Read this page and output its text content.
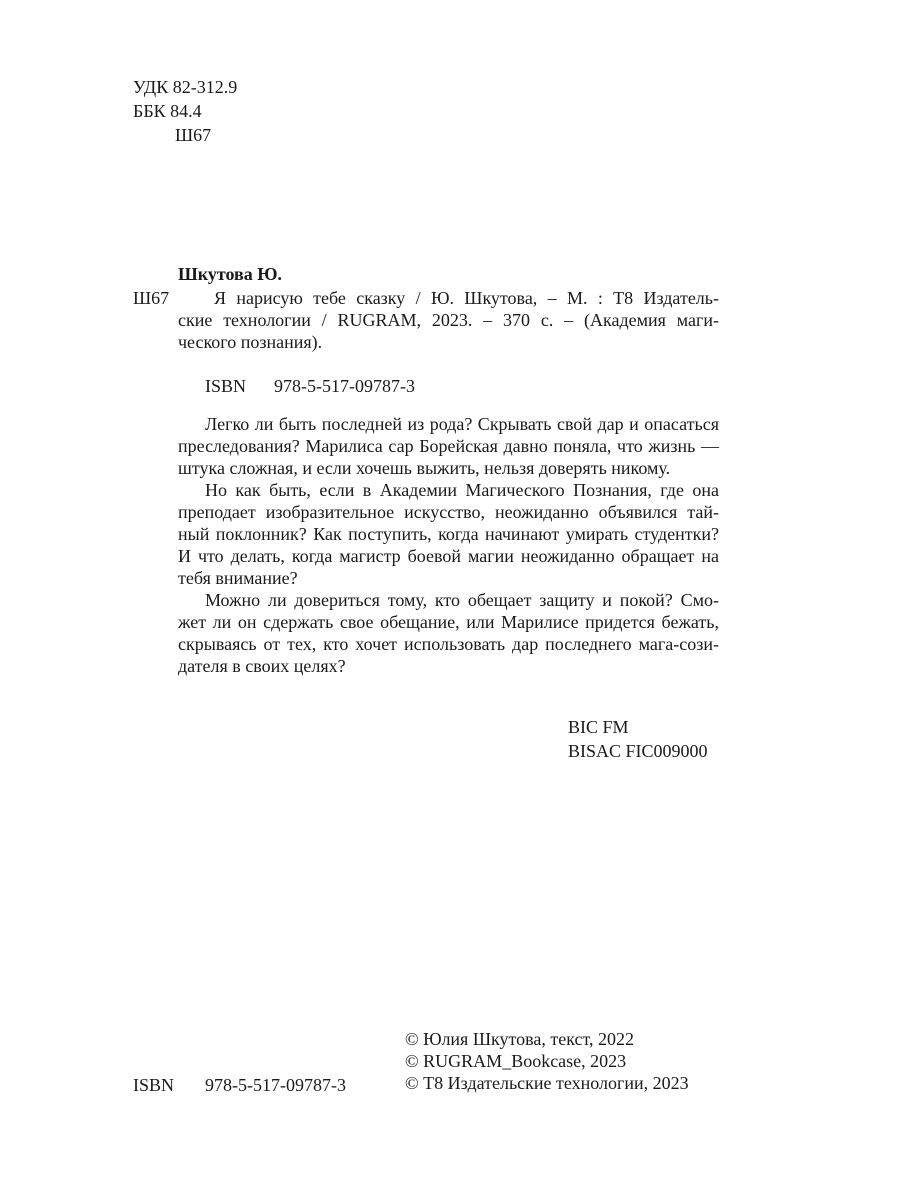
УДК 82-312.9
ББК 84.4
Ш67
Шкутова Ю.
Ш67	Я нарисую тебе сказку / Ю. Шкутова, – М. : Т8 Издатель-
ские технологии / RUGRAM, 2023. – 370 с. – (Академия маги-
ческого познания).
ISBN 978-5-517-09787-3
Легко ли быть последней из рода? Скрывать свой дар и опасаться
преследования? Марилиса сар Борейская давно поняла, что жизнь —
штука сложная, и если хочешь выжить, нельзя доверять никому.
Но как быть, если в Академии Магического Познания, где она
преподает изобразительное искусство, неожиданно объявился тай-
ный поклонник? Как поступить, когда начинают умирать студентки?
И что делать, когда магистр боевой магии неожиданно обращает на
тебя внимание?
Можно ли довериться тому, кто обещает защиту и покой? Смо-
жет ли он сдержать свое обещание, или Марилисе придется бежать,
скрываясь от тех, кто хочет использовать дар последнего мага-сози-
дателя в своих целях?
BIC FM
BISAC FIC009000
ISBN 978-5-517-09787-3
© Юлия Шкутова, текст, 2022
© RUGRAM_Bookcase, 2023
© Т8 Издательские технологии, 2023
